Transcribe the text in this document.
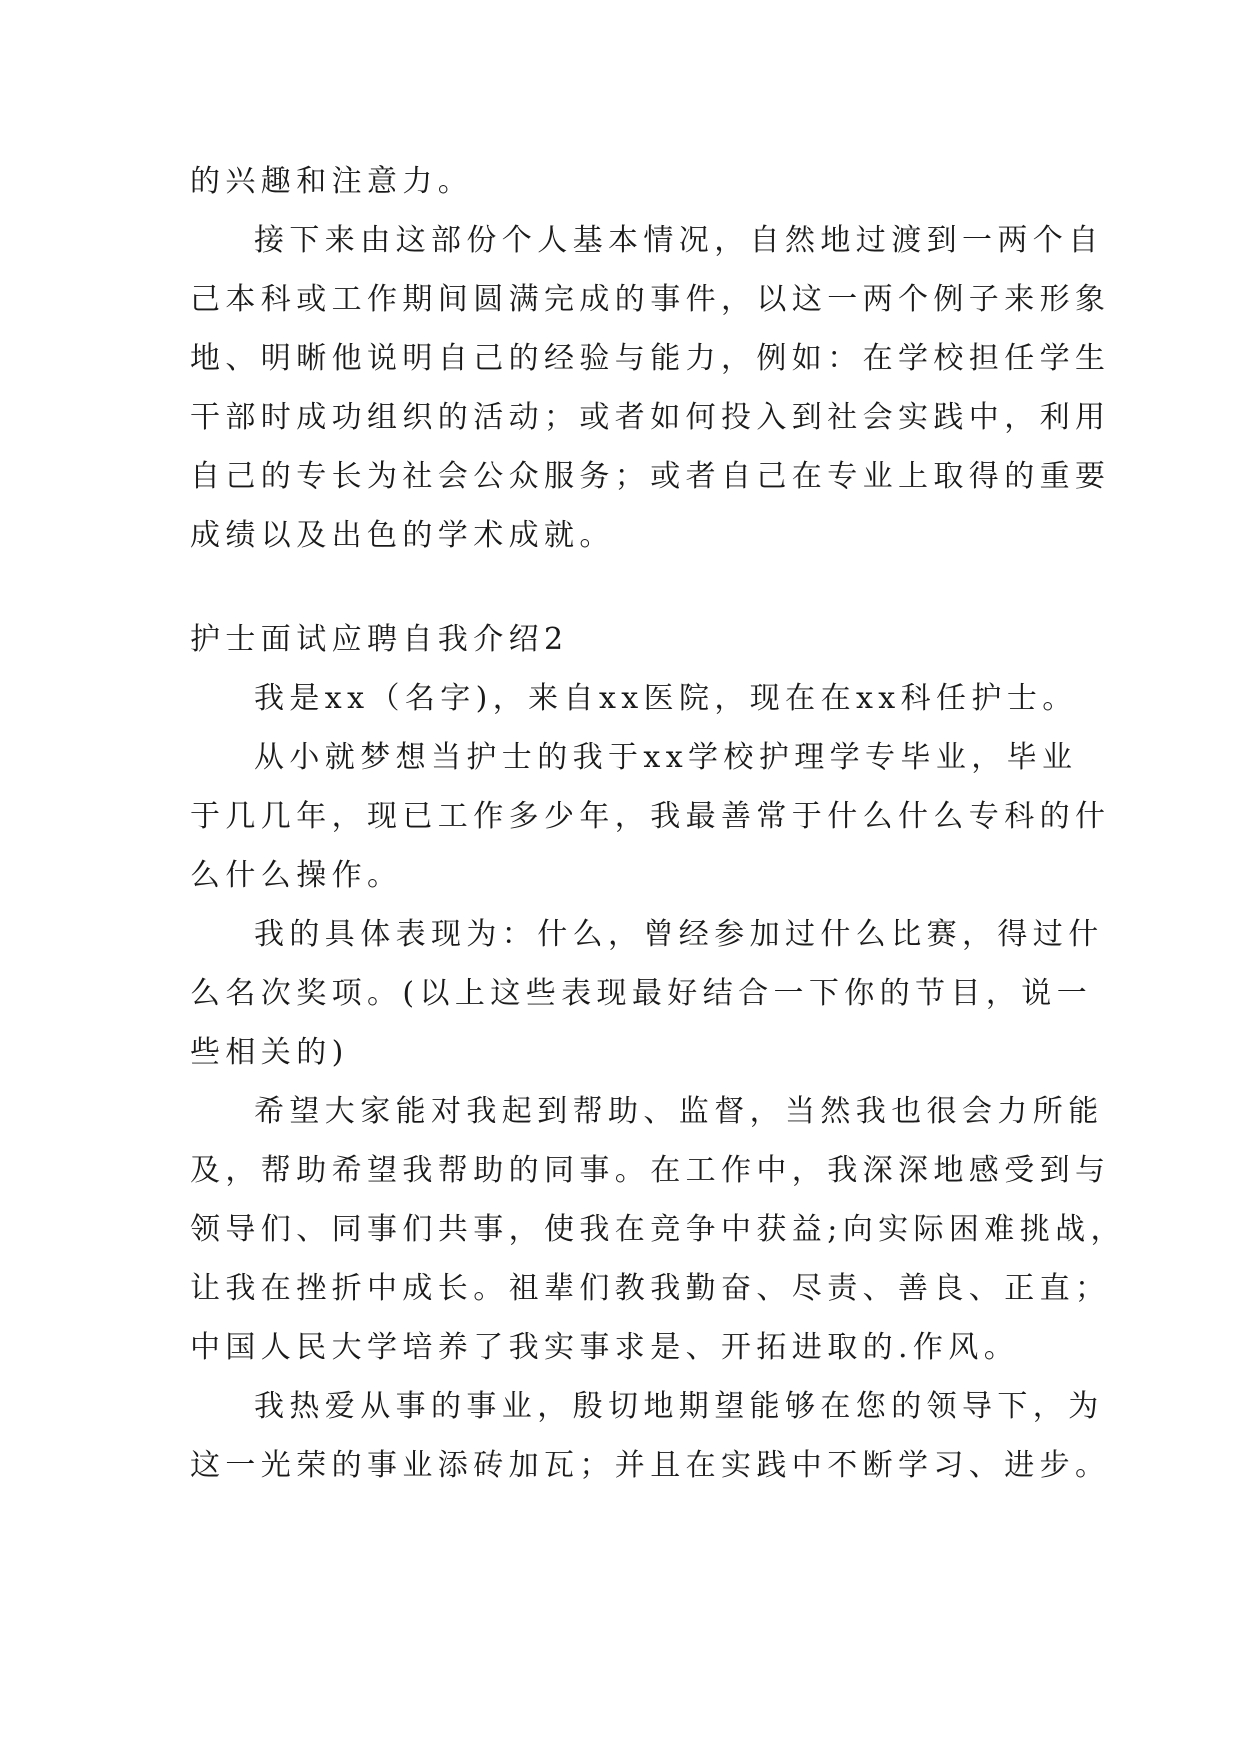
的兴趣和注意力。
接下来由这部份个人基本情况，自然地过渡到一两个自
己本科或工作期间圆满完成的事件，以这一两个例子来形象
地、明晰他说明自己的经验与能力，例如：在学校担任学生
干部时成功组织的活动；或者如何投入到社会实践中，利用
自己的专长为社会公众服务；或者自己在专业上取得的重要
成绩以及出色的学术成就。
护士面试应聘自我介绍2
我是xx（名字)，来自xx医院，现在在xx科任护士。
从小就梦想当护士的我于xx学校护理学专毕业，毕业
于几几年，现已工作多少年，我最善常于什么什么专科的什
么什么操作。
我的具体表现为：什么，曾经参加过什么比赛，得过什
么名次奖项。(以上这些表现最好结合一下你的节目，说一
些相关的)
希望大家能对我起到帮助、监督，当然我也很会力所能
及，帮助希望我帮助的同事。在工作中，我深深地感受到与
领导们、同事们共事，使我在竞争中获益;向实际困难挑战，
让我在挫折中成长。祖辈们教我勤奋、尽责、善良、正直；
中国人民大学培养了我实事求是、开拓进取的.作风。
我热爱从事的事业，殷切地期望能够在您的领导下，为
这一光荣的事业添砖加瓦；并且在实践中不断学习、进步。
